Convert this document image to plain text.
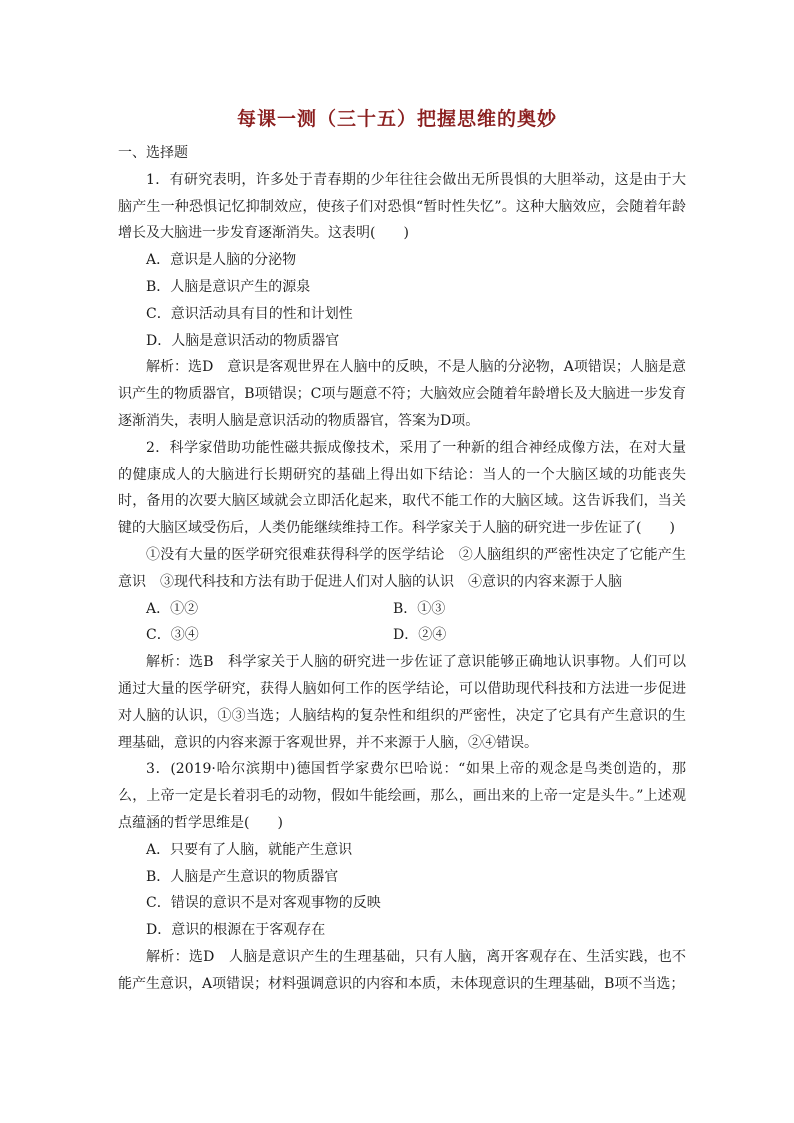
每课一测（三十五）把握思维的奥妙

一、选择题

1．有研究表明，许多处于青春期的少年往往会做出无所畏惧的大胆举动，这是由于大脑产生一种恐惧记忆抑制效应，使孩子们对恐惧“暂时性失忆”。这种大脑效应，会随着年龄增长及大脑进一步发育逐渐消失。这表明(　　)

A．意识是人脑的分泌物

B．人脑是意识产生的源泉

C．意识活动具有目的性和计划性

D．人脑是意识活动的物质器官

解析：选D　意识是客观世界在人脑中的反映，不是人脑的分泌物，A项错误；人脑是意识产生的物质器官，B项错误；C项与题意不符；大脑效应会随着年龄增长及大脑进一步发育逐渐消失，表明人脑是意识活动的物质器官，答案为D项。

2．科学家借助功能性磁共振成像技术，采用了一种新的组合神经成像方法，在对大量的健康成人的大脑进行长期研究的基础上得出如下结论：当人的一个大脑区域的功能丧失时，备用的次要大脑区域就会立即活化起来，取代不能工作的大脑区域。这告诉我们，当关键的大脑区域受伤后，人类仍能继续维持工作。科学家关于人脑的研究进一步佐证了(　　)

①没有大量的医学研究很难获得科学的医学结论　②人脑组织的严密性决定了它能产生意识　③现代科技和方法有助于促进人们对人脑的认识　④意识的内容来源于人脑

A．①②	B．①③
C．③④	D．②④

解析：选B　科学家关于人脑的研究进一步佐证了意识能够正确地认识事物。人们可以通过大量的医学研究，获得人脑如何工作的医学结论，可以借助现代科技和方法进一步促进对人脑的认识，①③当选；人脑结构的复杂性和组织的严密性，决定了它具有产生意识的生理基础，意识的内容来源于客观世界，并不来源于人脑，②④错误。

3．(2019·哈尔滨期中)德国哲学家费尔巴哈说：“如果上帝的观念是鸟类创造的，那么，上帝一定是长着羽毛的动物，假如牛能绘画，那么，画出来的上帝一定是头牛。”上述观点蕴涵的哲学思维是(　　)

A．只要有了人脑，就能产生意识

B．人脑是产生意识的物质器官

C．错误的意识不是对客观事物的反映

D．意识的根源在于客观存在

解析：选D　人脑是意识产生的生理基础，只有人脑，离开客观存在、生活实践，也不能产生意识，A项错误；材料强调意识的内容和本质，未体现意识的生理基础，B项不当选；
